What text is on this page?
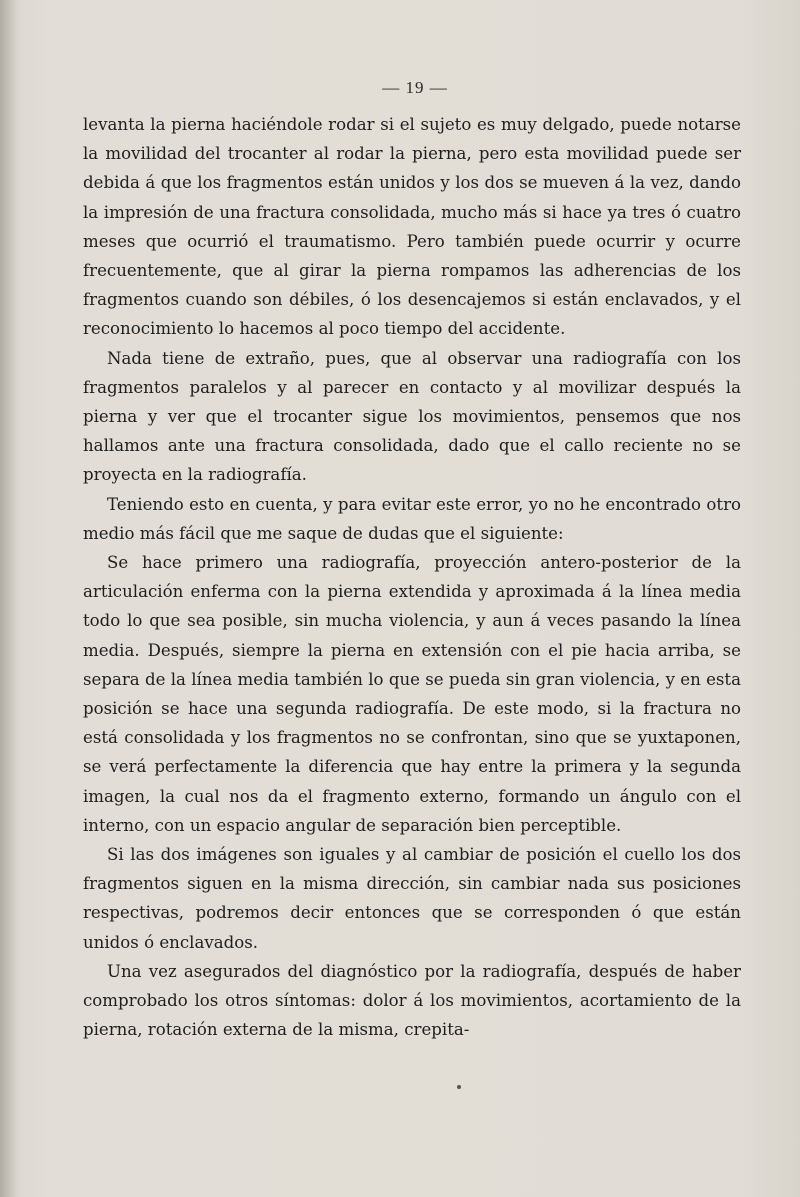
— 19 —

levanta la pierna haciéndole rodar si el sujeto es muy delgado, puede notarse la movilidad del trocanter al rodar la pierna, pero esta movilidad puede ser debida á que los fragmentos están unidos y los dos se mueven á la vez, dando la impresión de una fractura consolidada, mucho más si hace ya tres ó cuatro meses que ocurrió el traumatismo. Pero también puede ocurrir y ocurre frecuentemente, que al girar la pierna rompamos las adherencias de los fragmentos cuando son débiles, ó los desencajemos si están enclavados, y el reconocimiento lo hacemos al poco tiempo del accidente.

Nada tiene de extraño, pues, que al observar una radiografía con los fragmentos paralelos y al parecer en contacto y al movilizar después la pierna y ver que el trocanter sigue los movimientos, pensemos que nos hallamos ante una fractura consolidada, dado que el callo reciente no se proyecta en la radiografía.

Teniendo esto en cuenta, y para evitar este error, yo no he encontrado otro medio más fácil que me saque de dudas que el siguiente:

Se hace primero una radiografía, proyección antero-posterior de la articulación enferma con la pierna extendida y aproximada á la línea media todo lo que sea posible, sin mucha violencia, y aun á veces pasando la línea media. Después, siempre la pierna en extensión con el pie hacia arriba, se separa de la línea media también lo que se pueda sin gran violencia, y en esta posición se hace una segunda radiografía. De este modo, si la fractura no está consolidada y los fragmentos no se confrontan, sino que se yuxtaponen, se verá perfectamente la diferencia que hay entre la primera y la segunda imagen, la cual nos da el fragmento externo, formando un ángulo con el interno, con un espacio angular de separación bien perceptible.

Si las dos imágenes son iguales y al cambiar de posición el cuello los dos fragmentos siguen en la misma dirección, sin cambiar nada sus posiciones respectivas, podremos decir entonces que se corresponden ó que están unidos ó enclavados.

Una vez asegurados del diagnóstico por la radiografía, después de haber comprobado los otros síntomas: dolor á los movimientos, acortamiento de la pierna, rotación externa de la misma, crepita-
